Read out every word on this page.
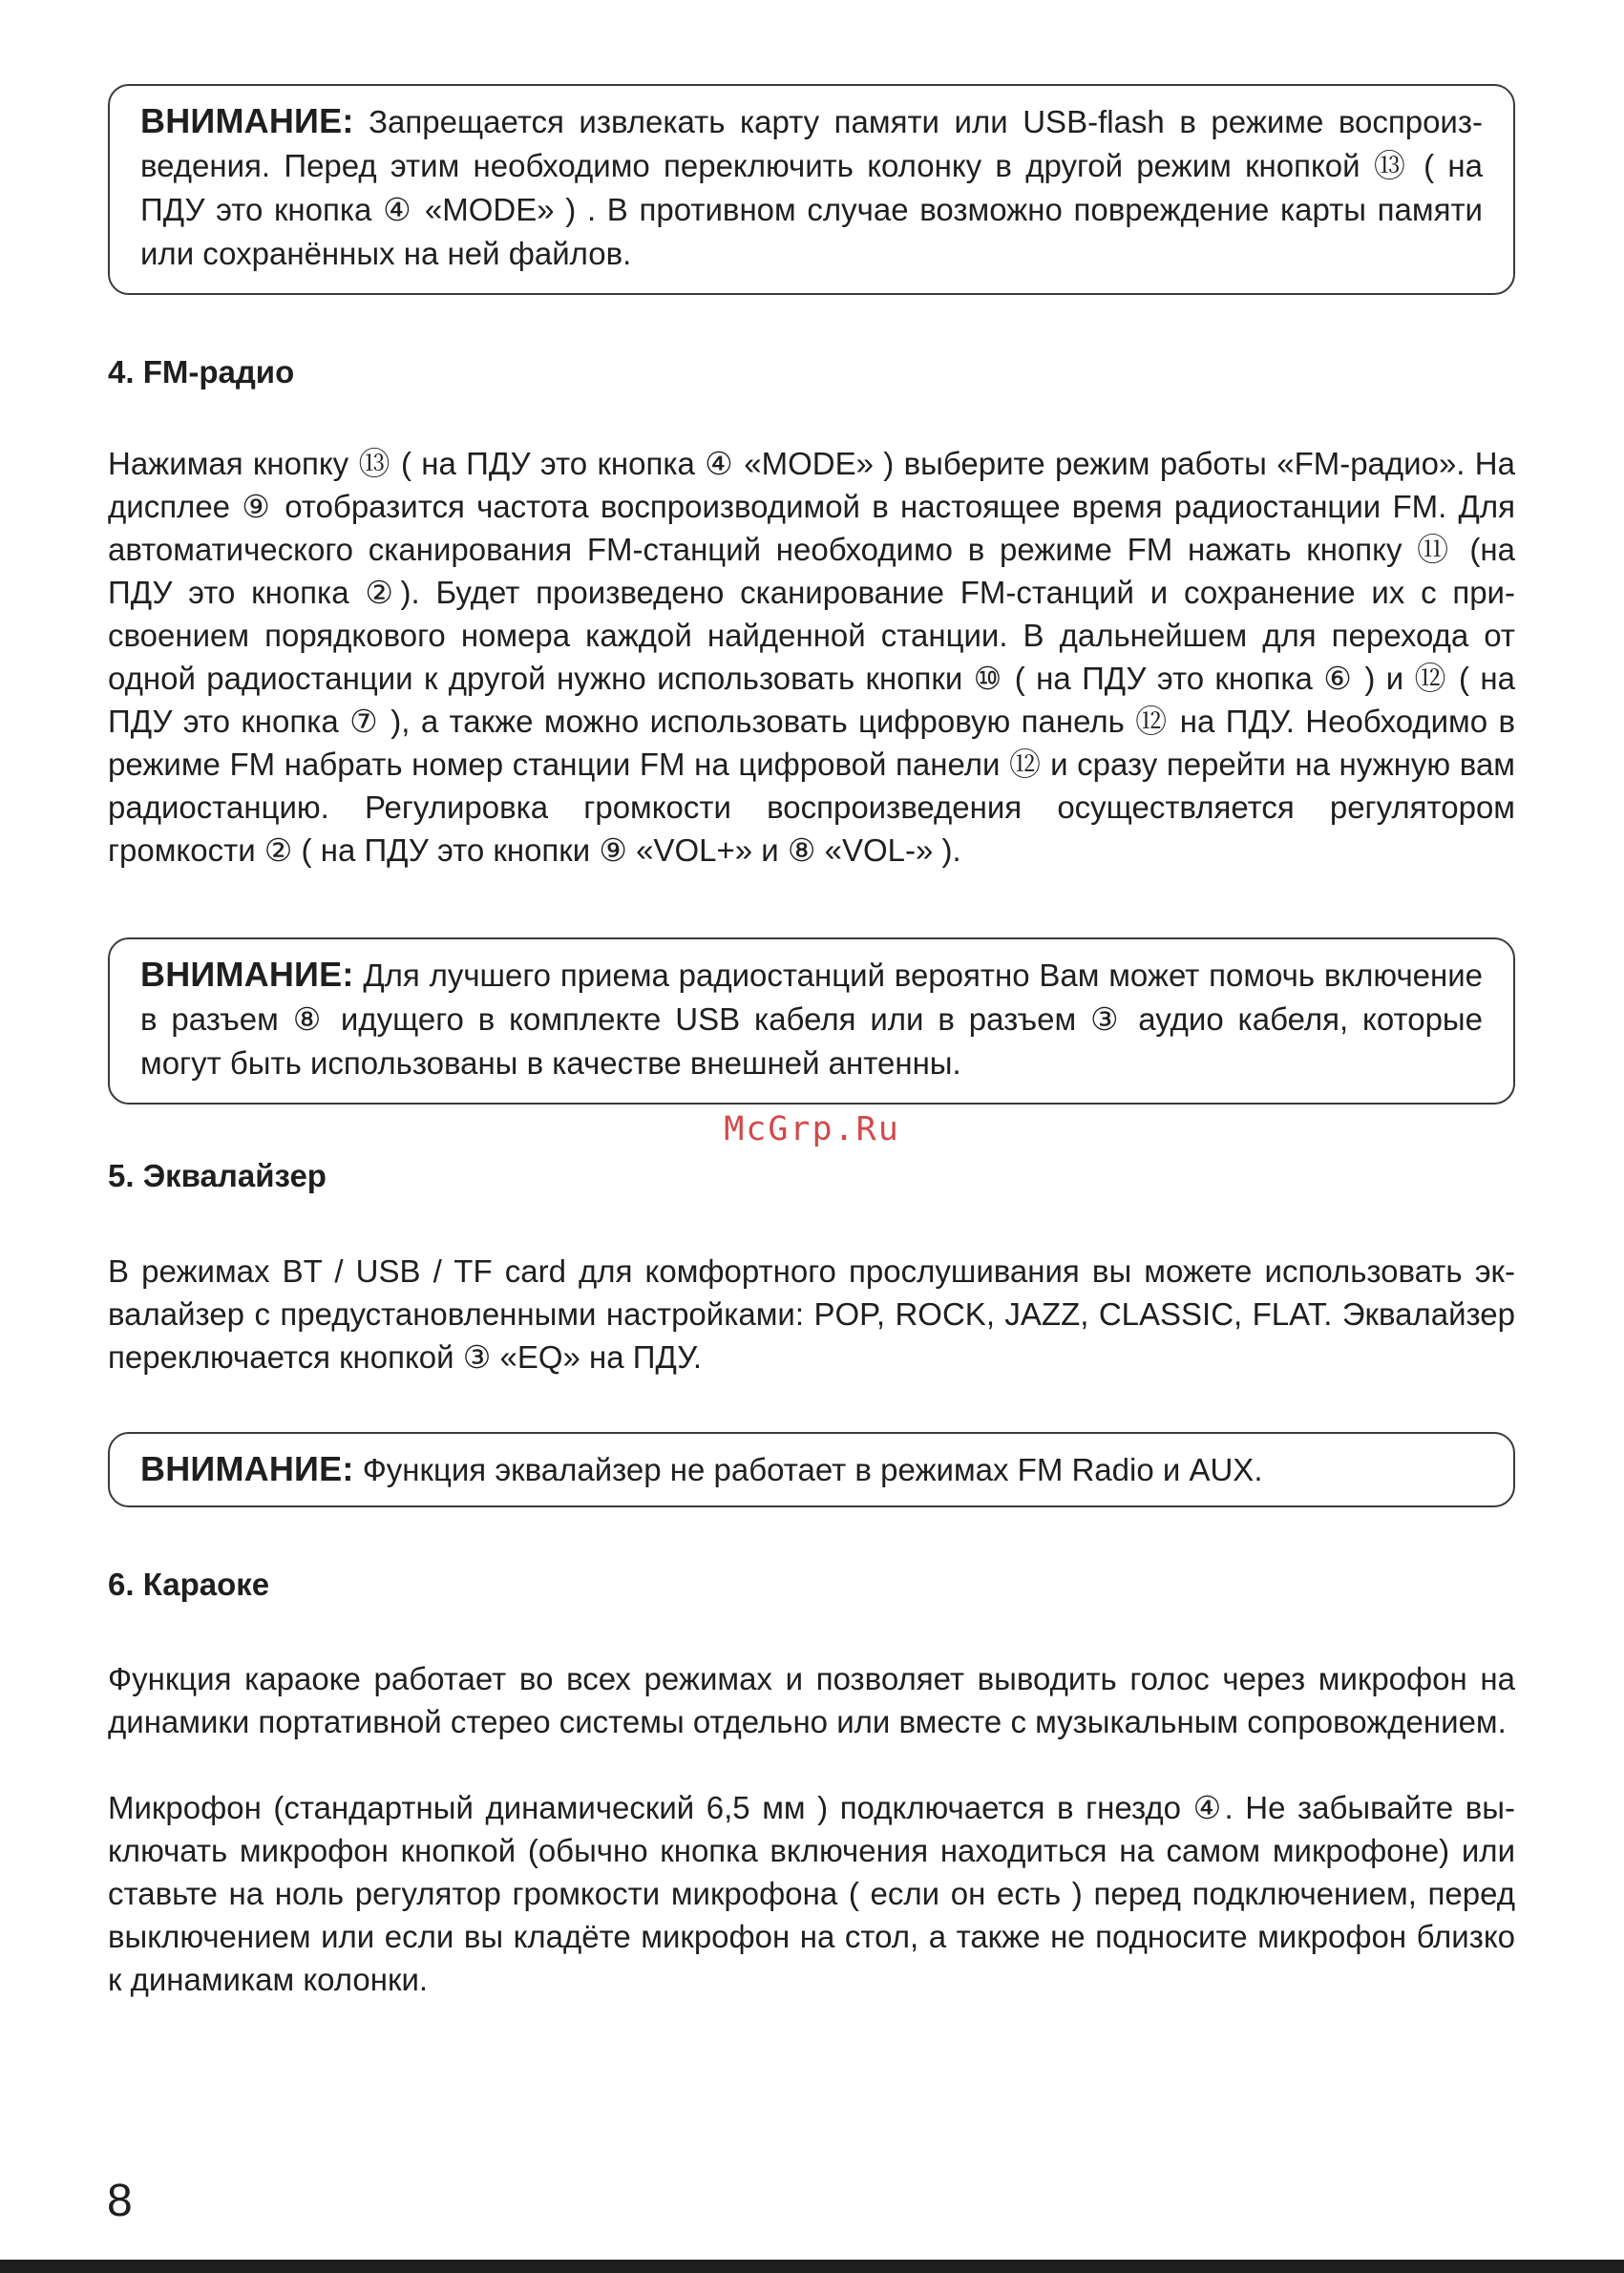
ВНИМАНИЕ: Запрещается извлекать карту памяти или USB-flash в режиме воспроизведения. Перед этим необходимо переключить колонку в другой режим кнопкой ⑬ ( на ПДУ это кнопка ④ «MODE» ) . В противном случае возможно повреждение карты памяти или сохранённых на ней файлов.
4. FM-радио

Нажимая кнопку ⑬ ( на ПДУ это кнопка ④ «MODE» ) выберите режим работы «FM-радио». На дисплее ⑨ отобразится частота воспроизводимой в настоящее время радиостанции FM. Для автоматического сканирования FM-станций необходимо в режиме FM нажать кнопку ⑪ (на ПДУ это кнопка ②). Будет произведено сканирование FM-станций и сохранение их с присвоением порядкового номера каждой найденной станции. В дальнейшем для перехода от одной радиостанции к другой нужно использовать кнопки ⑩ ( на ПДУ это кнопка ⑥ ) и ⑫ ( на ПДУ это кнопка ⑦ ), а также можно использовать цифровую панель ⑫ на ПДУ. Необходимо в режиме FM набрать номер станции FM на цифровой панели ⑫ и сразу перейти на нужную вам радиостанцию. Регулировка громкости воспроизведения осуществляется регулятором громкости ② ( на ПДУ это кнопки ⑨ «VOL+» и ⑧ «VOL-» ).

ВНИМАНИЕ: Для лучшего приема радиостанций вероятно Вам может помочь включение в разъем ⑧ идущего в комплекте USB кабеля или в разъем ③ аудио кабеля, которые могут быть использованы в качестве внешней антенны.
McGrp.Ru
5. Эквалайзер

В режимах BT / USB / TF card для комфортного прослушивания вы можете использовать эквалайзер с предустановленными настройками: POP, ROCK, JAZZ, CLASSIC, FLAT. Эквалайзер переключается кнопкой ③ «EQ» на ПДУ.

ВНИМАНИЕ: Функция эквалайзер не работает в режимах FM Radio и AUX.
6. Караоке

Функция караоке работает во всех режимах и позволяет выводить голос через микрофон на динамики портативной стерео системы отдельно или вместе с музыкальным сопровождением.

Микрофон (стандартный динамический 6,5 мм ) подключается в гнездо ④. Не забывайте выключать микрофон кнопкой (обычно кнопка включения находиться на самом микрофоне) или ставьте на ноль регулятор громкости микрофона ( если он есть ) перед подключением, перед выключением или если вы кладёте микрофон на стол, а также не подносите микрофон близко к динамикам колонки.

8
